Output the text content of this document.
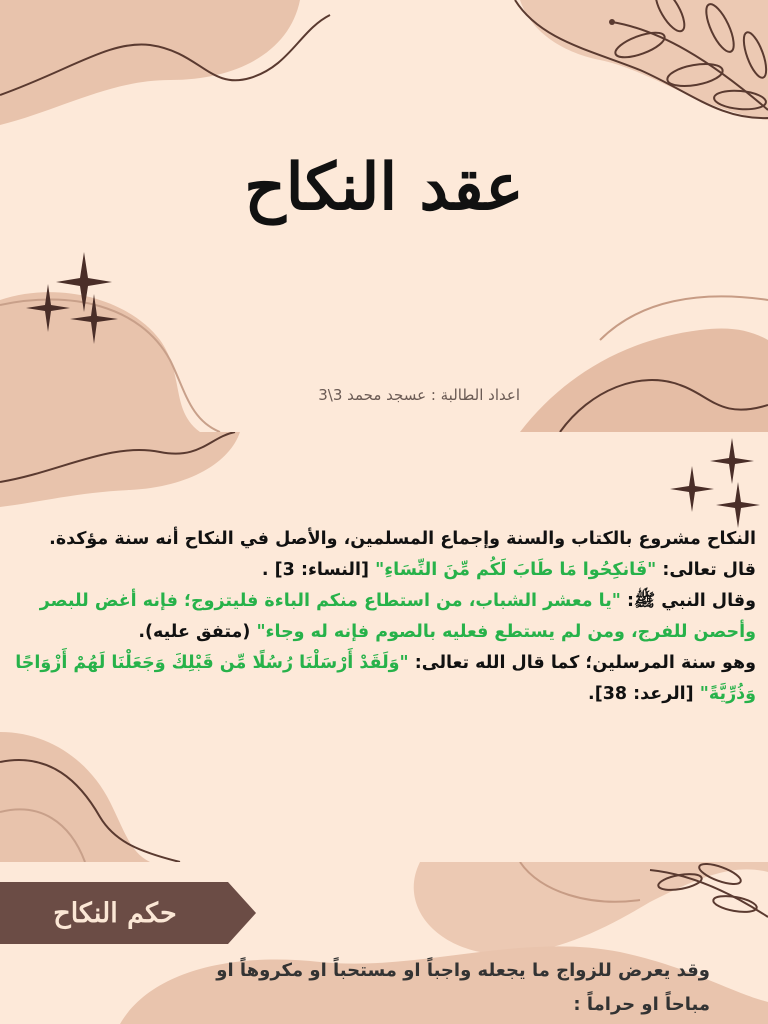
عقد النكاح
اعداد الطالبة : عسجد محمد 3\3

النكاح مشروع بالكتاب والسنة وإجماع المسلمين، والأصل في النكاح أنه سنة مؤكدة. قال تعالى: "فَانكِحُوا مَا طَابَ لَكُم مِّنَ النِّسَاءِ" [النساء: 3] .

وقال النبي ﷺ: "يا معشر الشباب، من استطاع منكم الباءة فليتزوج؛ فإنه أغض للبصر وأحصن للفرج، ومن لم يستطع فعليه بالصوم فإنه له وجاء" (متفق عليه).

وهو سنة المرسلين؛ كما قال الله تعالى: "وَلَقَدْ أَرْسَلْنَا رُسُلًا مِّن قَبْلِكَ وَجَعَلْنَا لَهُمْ أَزْوَاجًا وَذُرِّيَّةً" [الرعد: 38].

حكم النكاح
وقد يعرض للزواج ما يجعله واجباً او مستحباً او مكروهاً او مباحاً او حراماً :
